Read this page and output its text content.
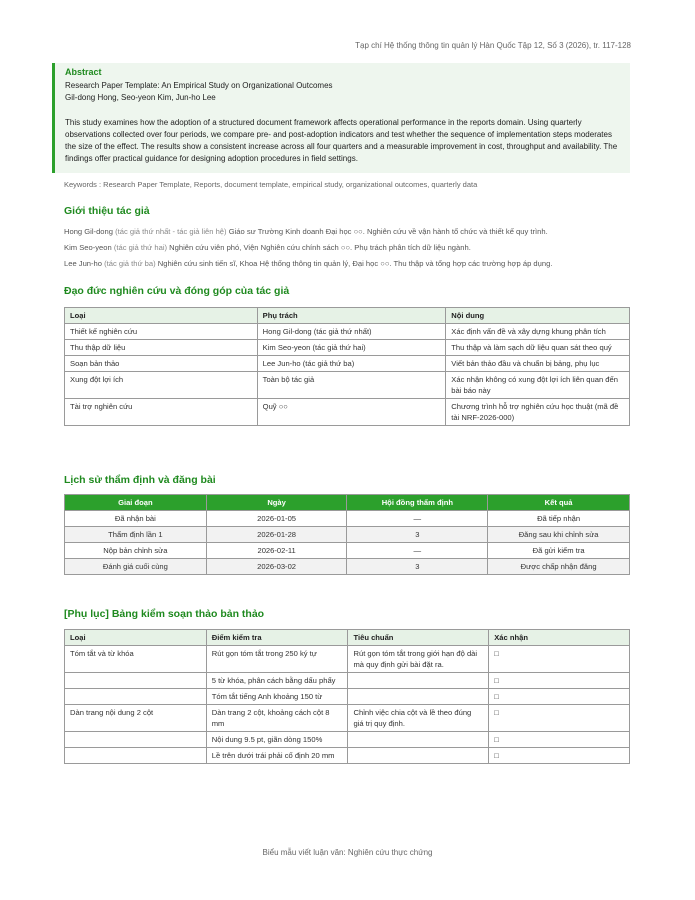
Tạp chí Hệ thống thông tin quản lý Hàn Quốc Tập 12, Số 3 (2026), tr. 117-128
Abstract
Research Paper Template: An Empirical Study on Organizational Outcomes
Gil-dong Hong, Seo-yeon Kim, Jun-ho Lee
This study examines how the adoption of a structured document framework affects operational performance in the reports domain. Using quarterly observations collected over four periods, we compare pre- and post-adoption indicators and test whether the sequence of implementation steps moderates the size of the effect. The results show a consistent increase across all four quarters and a measurable improvement in cost, throughput and availability. The findings offer practical guidance for designing adoption procedures in field settings.
Keywords : Research Paper Template, Reports, document template, empirical study, organizational outcomes, quarterly data
Giới thiệu tác giả
Hong Gil-dong (tác giả thứ nhất - tác giả liên hệ) Giáo sư Trường Kinh doanh Đại học ○○. Nghiên cứu về vận hành tổ chức và thiết kế quy trình.
Kim Seo-yeon (tác giả thứ hai) Nghiên cứu viên phó, Viện Nghiên cứu chính sách ○○. Phụ trách phân tích dữ liệu ngành.
Lee Jun-ho (tác giả thứ ba) Nghiên cứu sinh tiến sĩ, Khoa Hệ thống thông tin quản lý, Đại học ○○. Thu thập và tổng hợp các trường hợp áp dụng.
Đạo đức nghiên cứu và đóng góp của tác giả
Loại	Phụ trách	Nội dung
Thiết kế nghiên cứu	Hong Gil-dong (tác giả thứ nhất)	Xác định vấn đề và xây dựng khung phân tích
Thu thập dữ liệu	Kim Seo-yeon (tác giả thứ hai)	Thu thập và làm sạch dữ liệu quan sát theo quý
Soạn bản thảo	Lee Jun-ho (tác giả thứ ba)	Viết bản thảo đầu và chuẩn bị bảng, phụ lục
Xung đột lợi ích	Toàn bộ tác giả	Xác nhận không có xung đột lợi ích liên quan đến bài báo này
Tài trợ nghiên cứu	Quỹ ○○	Chương trình hỗ trợ nghiên cứu học thuật (mã đề tài NRF-2026-000)
Lịch sử thẩm định và đăng bài
Giai đoạn	Ngày	Hội đồng thẩm định	Kết quả
Đã nhận bài	2026-01-05	—	Đã tiếp nhận
Thẩm định lần 1	2026-01-28	3	Đăng sau khi chỉnh sửa
Nộp bản chỉnh sửa	2026-02-11	—	Đã gửi kiểm tra
Đánh giá cuối cùng	2026-03-02	3	Được chấp nhận đăng
[Phụ lục] Bảng kiểm soạn thảo bản thảo
Loại	Điểm kiểm tra	Tiêu chuẩn	Xác nhận
Tóm tắt và từ khóa	Rút gọn tóm tắt trong 250 ký tự	Rút gọn tóm tắt trong giới hạn độ dài mà quy định gửi bài đặt ra.	□
	5 từ khóa, phân cách bằng dấu phẩy		□
	Tóm tắt tiếng Anh khoảng 150 từ		□
Dàn trang nội dung 2 cột	Dàn trang 2 cột, khoảng cách cột 8 mm	Chỉnh việc chia cột và lề theo đúng giá trị quy định.	□
	Nội dung 9.5 pt, giãn dòng 150%		□
	Lề trên dưới trái phải cố định 20 mm		□
Biểu mẫu viết luận văn: Nghiên cứu thực chứng
